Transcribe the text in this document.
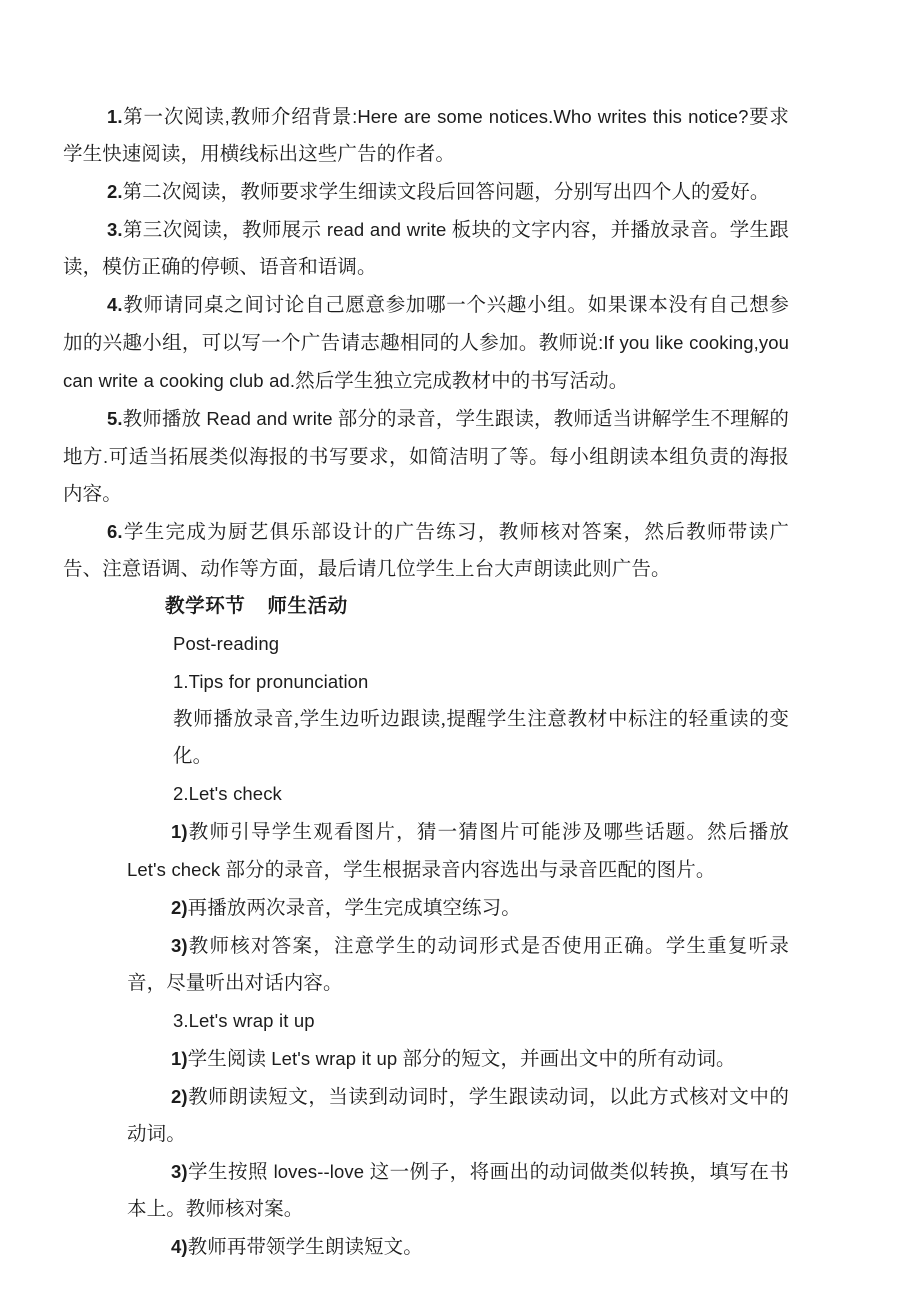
1.第一次阅读,教师介绍背景:Here are some notices.Who writes this notice?要求学生快速阅读，用横线标出这些广告的作者。

2.第二次阅读，教师要求学生细读文段后回答问题，分别写出四个人的爱好。

3.第三次阅读，教师展示 read and write 板块的文字内容，并播放录音。学生跟读，模仿正确的停顿、语音和语调。

4.教师请同桌之间讨论自己愿意参加哪一个兴趣小组。如果课本没有自己想参加的兴趣小组，可以写一个广告请志趣相同的人参加。教师说:If you like cooking,you can write a cooking club ad.然后学生独立完成教材中的书写活动。

5.教师播放 Read and write 部分的录音，学生跟读，教师适当讲解学生不理解的地方.可适当拓展类似海报的书写要求，如简洁明了等。每小组朗读本组负责的海报内容。

6.学生完成为厨艺俱乐部设计的广告练习，教师核对答案，然后教师带读广告、注意语调、动作等方面，最后请几位学生上台大声朗读此则广告。

教学环节 师生活动

Post-reading

1.Tips for pronunciation

教师播放录音,学生边听边跟读,提醒学生注意教材中标注的轻重读的变化。

2.Let's check

1)教师引导学生观看图片，猜一猜图片可能涉及哪些话题。然后播放 Let's check 部分的录音，学生根据录音内容选出与录音匹配的图片。

2)再播放两次录音，学生完成填空练习。

3)教师核对答案，注意学生的动词形式是否使用正确。学生重复听录音，尽量听出对话内容。

3.Let's wrap it up

1)学生阅读 Let's wrap it up 部分的短文，并画出文中的所有动词。

2)教师朗读短文，当读到动词时，学生跟读动词，以此方式核对文中的动词。

3)学生按照 loves--love 这一例子，将画出的动词做类似转换，填写在书本上。教师核对案。

4)教师再带领学生朗读短文。
